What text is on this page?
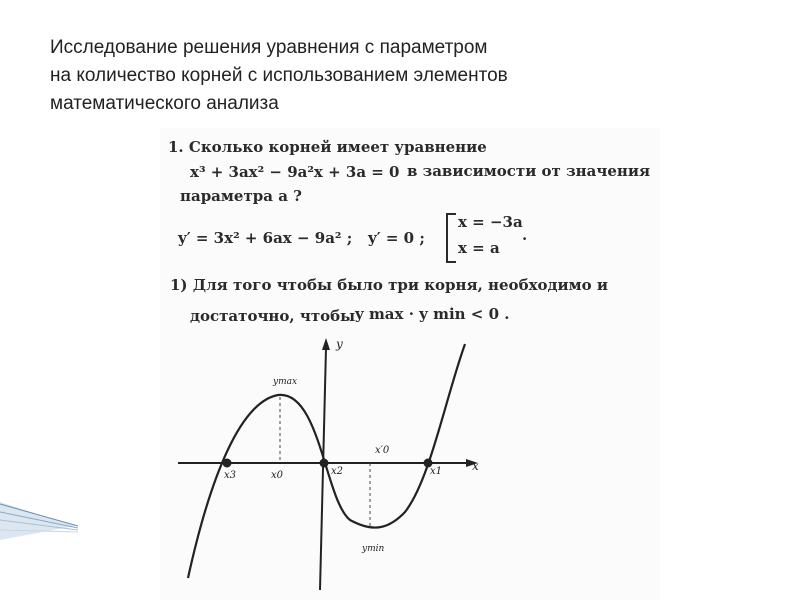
Исследование решения уравнения с параметром
на количество корней с использованием элементов
математического анализа
1. Сколько корней имеет уравнение
x³ + 3ax² − 9a²x + 3a = 0 в зависимости от значения
параметра a ?
y′ = 3x² + 6ax − 9a² ; y′ = 0 ;
x = −3a
x = a
.
1) Для того чтобы было три корня, необходимо и
достаточно, чтобы y max · y min < 0 .
y
x
ymax
ymin
x3	x0	x2
x′0
x1
